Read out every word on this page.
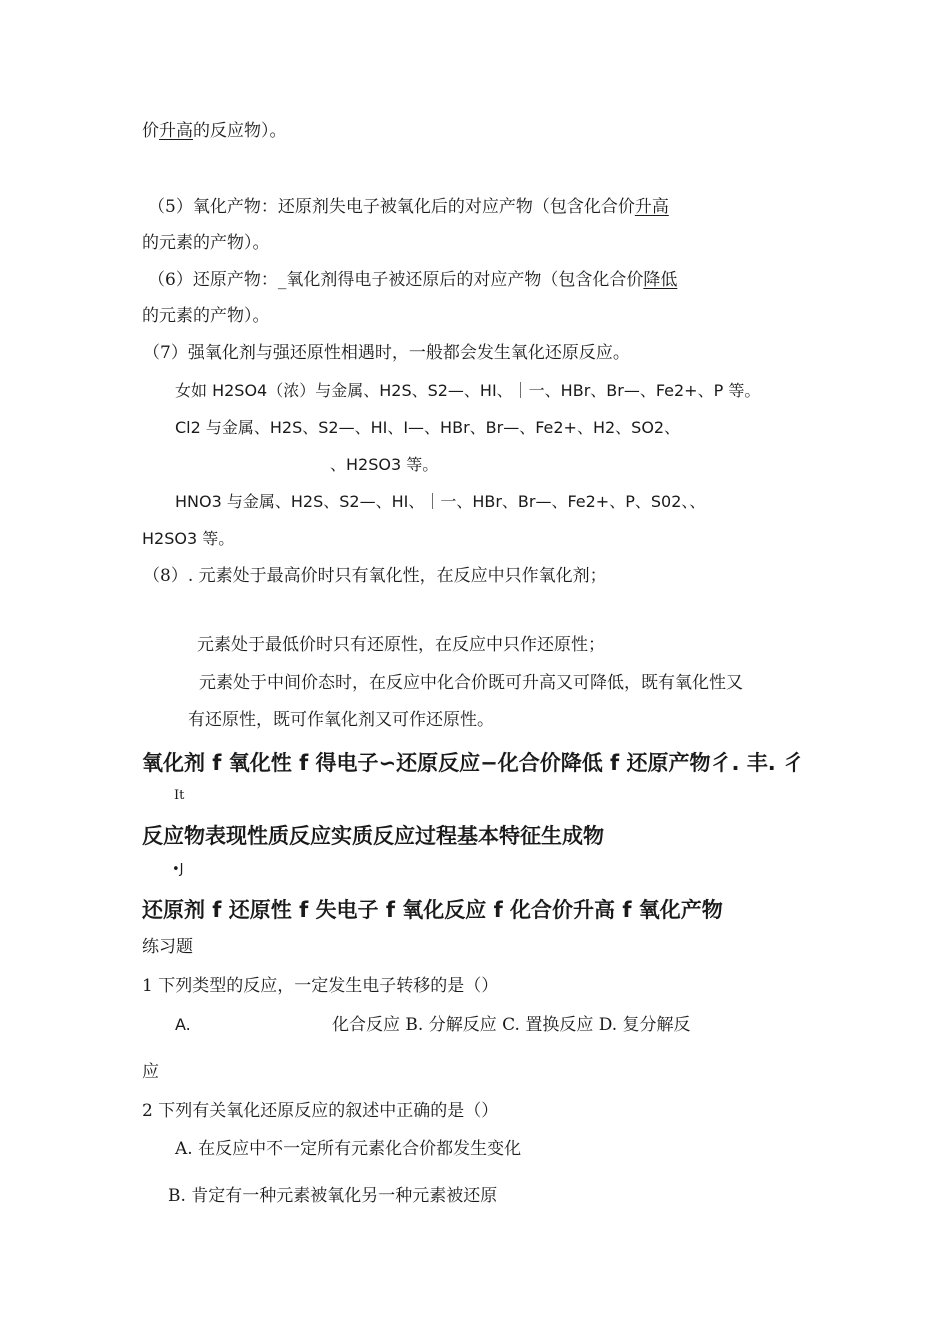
价升高的反应物）。
（5）氧化产物：还原剂失电子被氧化后的对应产物（包含化合价升高
的元素的产物）。
（6）还原产物：_氧化剂得电子被还原后的对应产物（包含化合价降低
的元素的产物）。
（7）强氧化剂与强还原性相遇时，一般都会发生氧化还原反应。
女如 H2SO4（浓）与金属、H2S、S2—、HI、｜一、HBr、Br—、Fe2+、P 等。
Cl2 与金属、H2S、S2—、HI、I—、HBr、Br—、Fe2+、H2、SO2、
、H2SO3 等。
HNO3 与金属、H2S、S2—、HI、｜一、HBr、Br—、Fe2+、P、S02、、
H2SO3 等。
（8）. 元素处于最高价时只有氧化性，在反应中只作氧化剂；
元素处于最低价时只有还原性，在反应中只作还原性；
元素处于中间价态时，在反应中化合价既可升高又可降低，既有氧化性又
有还原性，既可作氧化剂又可作还原性。
氧化剂 f 氧化性 f 得电子∽还原反应−化合价降低 f 还原产物彳. 丰. 彳
It
反应物表现性质反应实质反应过程基本特征生成物
•J
还原剂 f 还原性 f 失电子 f 氧化反应 f 化合价升高 f 氧化产物
练习题
1 下列类型的反应，一定发生电子转移的是（）
A.	化合反应 B. 分解反应 C. 置换反应 D. 复分解反
应
2 下列有关氧化还原反应的叙述中正确的是（）
A. 在反应中不一定所有元素化合价都发生变化
B. 肯定有一种元素被氧化另一种元素被还原
